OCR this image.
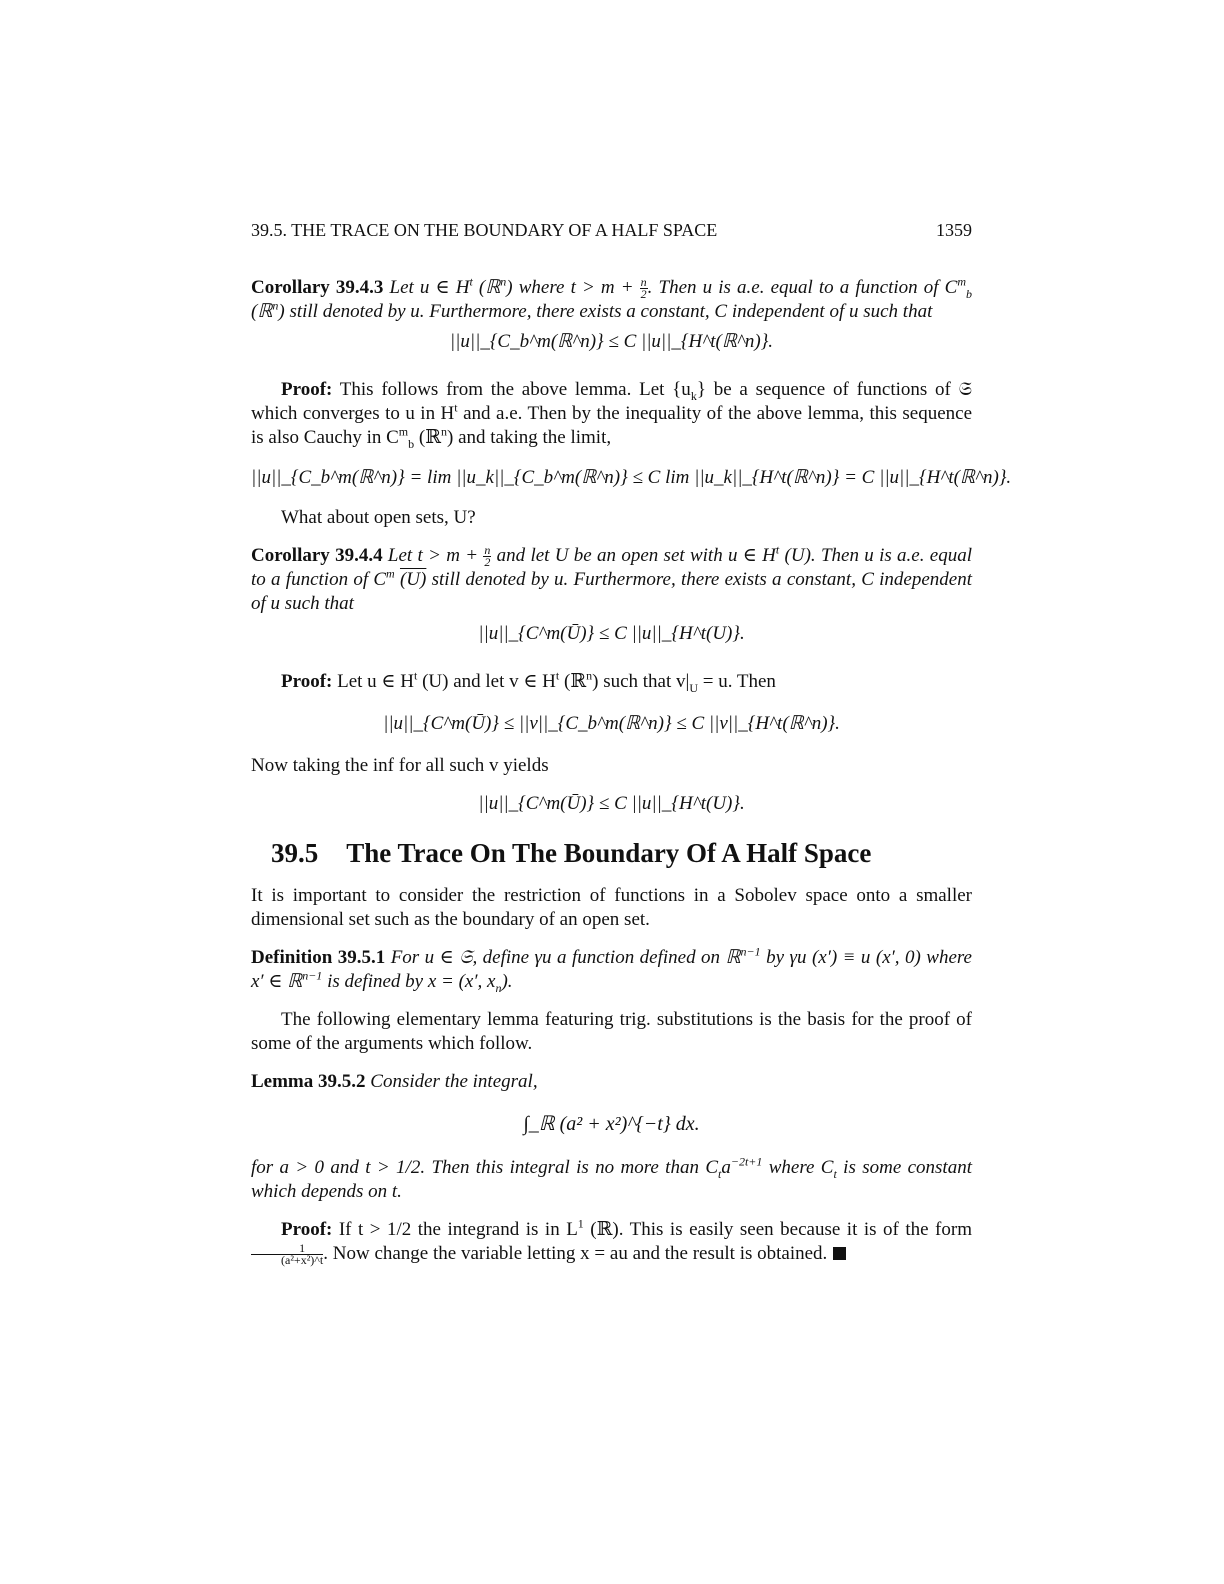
39.5. THE TRACE ON THE BOUNDARY OF A HALF SPACE	1359

Corollary 39.4.3 Let u ∈ $H^t$ (ℝ$^n$) where $t > m + \frac{n}{2}$ . Then u is a.e. equal to a function of $C^m_b$ (ℝ$^n$) still denoted by u. Furthermore, there exists a constant, C independent of u such that

||u||_{C_b^m(ℝ^n)} ≤ C ||u||_{H^t(ℝ^n)}.

Proof: This follows from the above lemma. Let $\{u_k\}$ be a sequence of functions of 𝔖 which converges to u in $H^t$ and a.e. Then by the inequality of the above lemma, this sequence is also Cauchy in $C^m_b$ (ℝ$^n$) and taking the limit,

||u||_{C_b^m(ℝ^n)} = lim ||u_k||_{C_b^m(ℝ^n)} ≤ C lim ||u_k||_{H^t(ℝ^n)} = C ||u||_{H^t(ℝ^n)}.

What about open sets, U?

Corollary 39.4.4 Let $t > m + \frac{n}{2}$ and let U be an open set with u ∈ $H^t$ (U). Then u is a.e. equal to a function of $C^m$ (U) still denoted by u. Furthermore, there exists a constant, C independent of u such that

||u||_{C^m(Ū)} ≤ C ||u||_{H^t(U)}.

Proof: Let u ∈ $H^t$ (U) and let v ∈ $H^t$ (ℝ$^n$) such that $v|_U = u$. Then

||u||_{C^m(Ū)} ≤ ||v||_{C_b^m(ℝ^n)} ≤ C ||v||_{H^t(ℝ^n)}.

Now taking the inf for all such v yields

||u||_{C^m(Ū)} ≤ C ||u||_{H^t(U)}.
39.5 The Trace On The Boundary Of A Half Space

It is important to consider the restriction of functions in a Sobolev space onto a smaller dimensional set such as the boundary of an open set.

Definition 39.5.1 For u ∈ 𝔖, define γu a function defined on ℝ$^{n-1}$ by γu (x′) ≡ u (x′, 0) where x′ ∈ ℝ$^{n-1}$ is defined by x = (x′, $x_n$).

The following elementary lemma featuring trig. substitutions is the basis for the proof of some of the arguments which follow.

Lemma 39.5.2 Consider the integral,

∫_ℝ (a² + x²)^{−t} dx.

for a > 0 and t > 1/2. Then this integral is no more than $C_ta^{-2t+1}$ where $C_t$ is some constant which depends on t.

Proof: If t > 1/2 the integrand is in $L^1$ (ℝ). This is easily seen because it is of the form
$\frac{1}{\text{(a²+x²)\textasciicircum{}t}}$ . Now change the variable letting x = au and the result is obtained.
